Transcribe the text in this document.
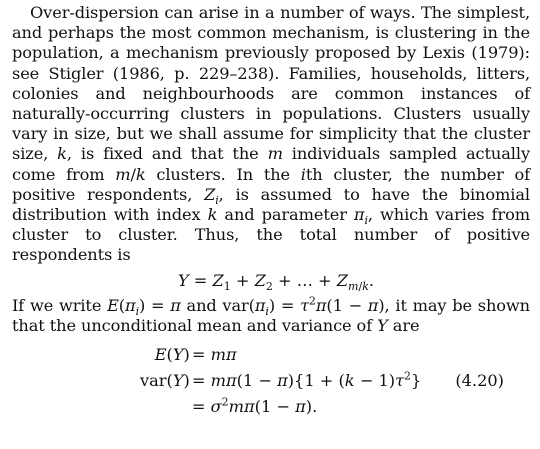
Over-dispersion can arise in a number of ways. The simplest, and perhaps the most common mechanism, is clustering in the population, a mechanism previously proposed by Lexis (1979): see Stigler (1986, p. 229–238). Families, households, litters, colonies and neighbourhoods are common instances of naturally-occurring clusters in populations. Clusters usually vary in size, but we shall assume for simplicity that the cluster size, k, is fixed and that the m individuals sampled actually come from m/k clusters. In the ith cluster, the number of positive respondents, $Z_i$, is assumed to have the binomial distribution with index k and parameter $\pi_i$, which varies from cluster to cluster. Thus, the total number of positive respondents is

$Y = Z_1 + Z_2$ + … + $Z_{m/k}$.

If we write $E(\pi_i) = \pi$ and $var(\pi_i) = \tau^2\pi(1 - \pi)$, it may be shown that the unconditional mean and variance of Y are

E(Y)	= mπ
var(Y)	= $m\pi(1 - \pi)\{1 + (k - 1)\tau^2\}$
	= $\sigma^2m\pi(1 - \pi)$.
(4.20)
